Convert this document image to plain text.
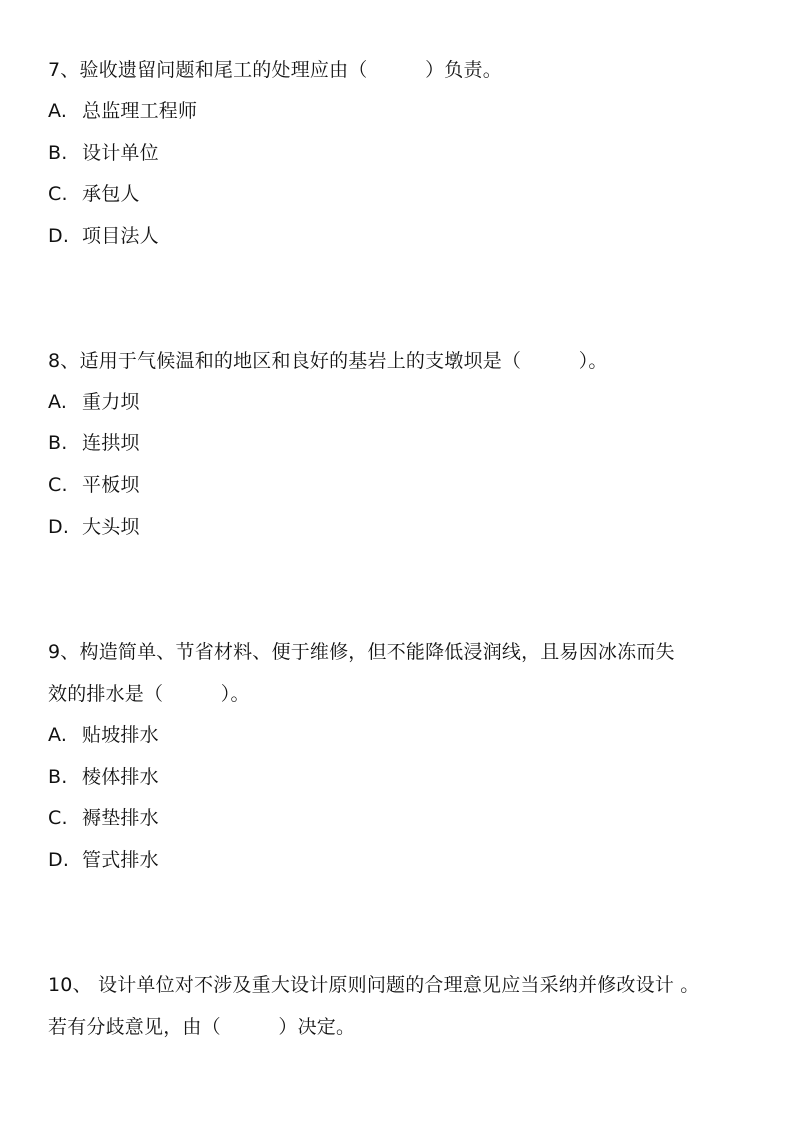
7、验收遗留问题和尾工的处理应由（　　　）负责。
A. 总监理工程师
B. 设计单位
C. 承包人
D. 项目法人
8、适用于气候温和的地区和良好的基岩上的支墩坝是（　　　）。
A. 重力坝
B. 连拱坝
C. 平板坝
D. 大头坝
9、构造简单、节省材料、便于维修，但不能降低浸润线，且易因冰冻而失
效的排水是（　　　）。
A. 贴坡排水
B. 棱体排水
C. 褥垫排水
D. 管式排水
10、 设计单位对不涉及重大设计原则问题的合理意见应当采纳并修改设计 。
若有分歧意见，由（　　　）决定。
